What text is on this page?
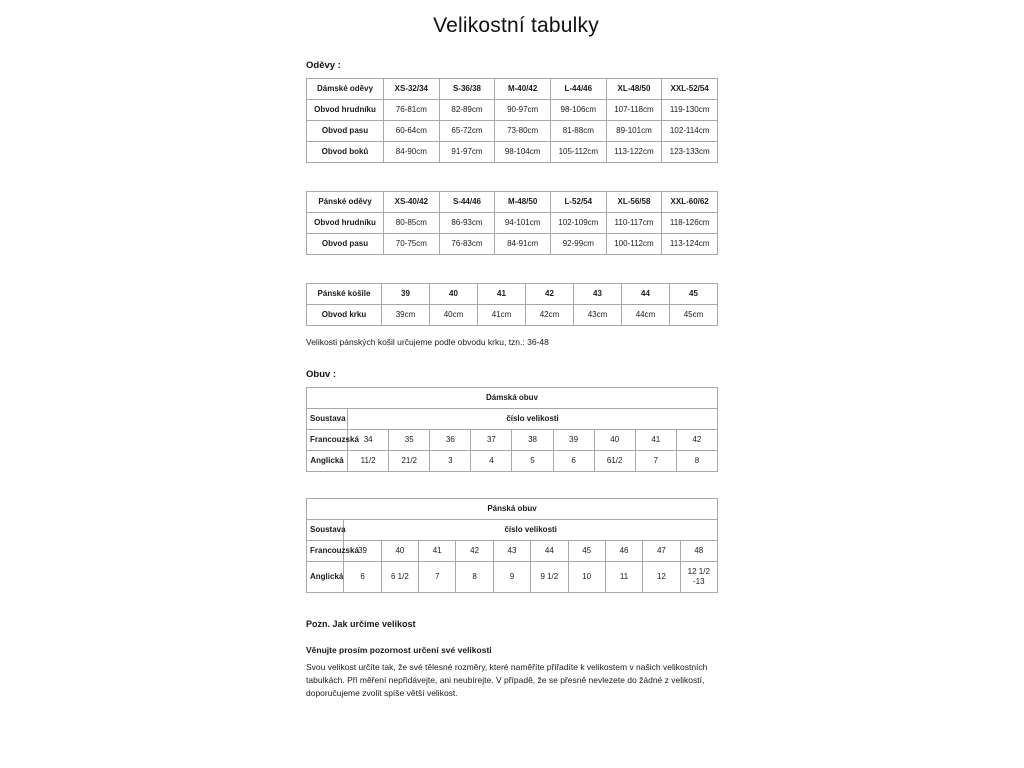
Velikostní tabulky
Oděvy :
Dámské oděvy	XS-32/34	S-36/38	M-40/42	L-44/46	XL-48/50	XXL-52/54
Obvod hrudníku	76-81cm	82-89cm	90-97cm	98-106cm	107-118cm	119-130cm
Obvod pasu	60-64cm	65-72cm	73-80cm	81-88cm	89-101cm	102-114cm
Obvod boků	84-90cm	91-97cm	98-104cm	105-112cm	113-122cm	123-133cm
Pánské oděvy	XS-40/42	S-44/46	M-48/50	L-52/54	XL-56/58	XXL-60/62
Obvod hrudníku	80-85cm	86-93cm	94-101cm	102-109cm	110-117cm	118-126cm
Obvod pasu	70-75cm	76-83cm	84-91cm	92-99cm	100-112cm	113-124cm
Pánské košile	39	40	41	42	43	44	45
Obvod krku	39cm	40cm	41cm	42cm	43cm	44cm	45cm

Velikosti pánských košil určujeme podle obvodu krku, tzn.: 36-48

Obuv :
Dámská obuv									
Soustava	číslo velikosti								
Francouzská	34	35	36	37	38	39	40	41	42
Anglická	11/2	21/2	3	4	5	6	61/2	7	8
Pánská obuv										
Soustava	číslo velikosti									
Francouzská	39	40	41	42	43	44	45	46	47	48
Anglická	6	6 1/2	7	8	9	9 1/2	10	11	12	12 1/2 -13
Pozn. Jak určíme velikost
Věnujte prosím pozornost určení své velikosti

Svou velikost určíte tak, že své tělesné rozměry, které naměříte přiřadíte k velikostem v našich velikostních tabulkách. Při měření nepřidávejte, ani neubírejte. V případě, že se přesně nevlezete do žádné z velikostí, doporučujeme zvolit spíše větší velikost.
